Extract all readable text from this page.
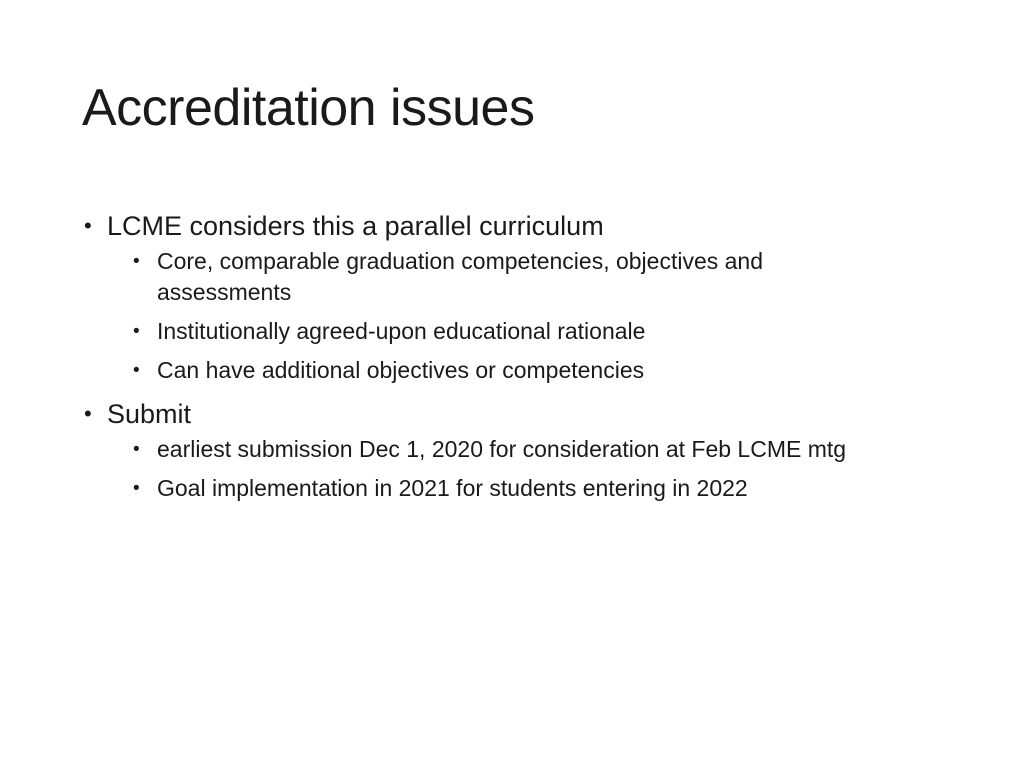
Accreditation issues
• LCME considers this a parallel curriculum
• Core, comparable graduation competencies, objectives and assessments
• Institutionally agreed-upon educational rationale
• Can have additional objectives or competencies
• Submit
• earliest submission Dec 1, 2020 for consideration at Feb LCME mtg
• Goal implementation in 2021 for students entering in 2022
